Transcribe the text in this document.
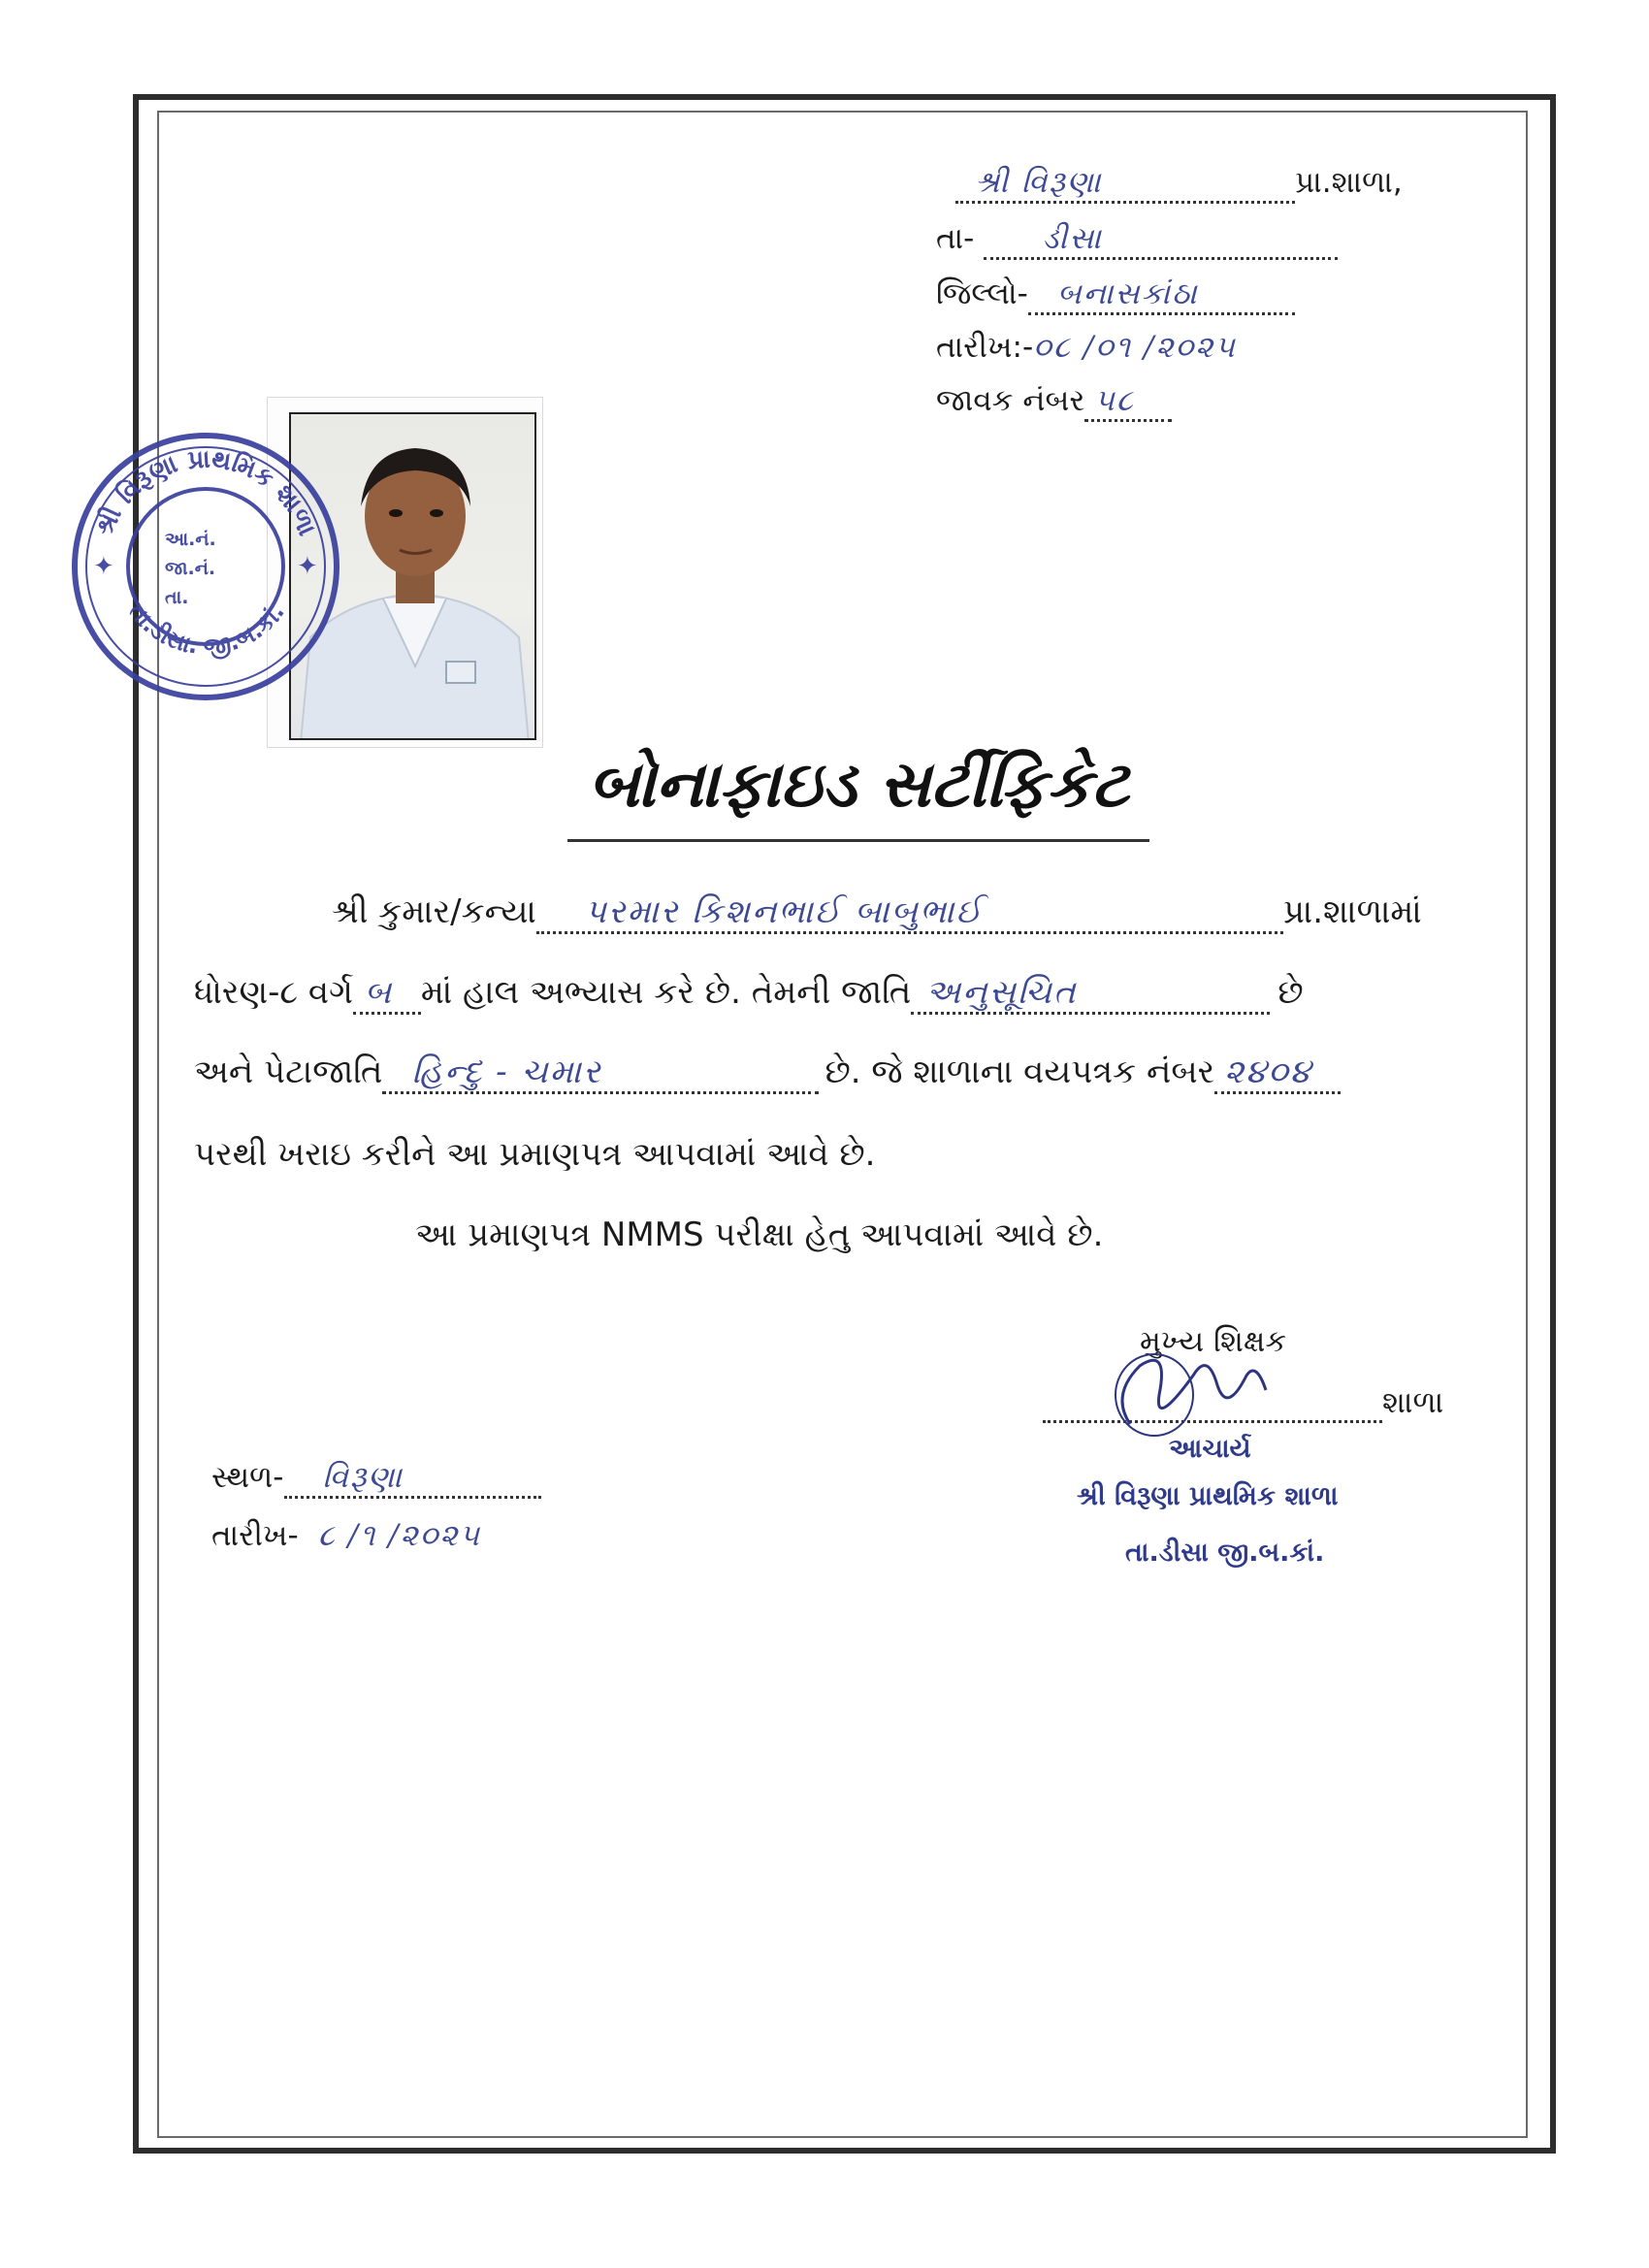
શ્રી વિરૂણા	પ્રા.શાળા,
તા- ડીસા
જિલ્લો- બનાસકાંઠા
તારીખ:-૦૮ /૦૧ /૨૦૨૫
જાવક નંબર ૫૮
શ્રી વિરૂણા પ્રાથમિક શાળા
તા.ડીસા. જી.બ.કાં.
✦	✦
આ.નં.
જા.નં.
તા.
બોનાફાઇડ સર્ટીફિકેટ
શ્રી કુમાર/કન્યા પરમાર કિશનભાઈ બાબુભાઈ	પ્રા.શાળામાં
ધોરણ-૮ વર્ગ બ માં હાલ અભ્યાસ કરે છે. તેમની જાતિ અનુસૂચિત	છે
અને પેટાજાતિ હિન્દુ - ચમાર	છે. જે શાળાના વયપત્રક નંબર ૨૪૦૪
પરથી ખરાઇ કરીને આ પ્રમાણપત્ર આપવામાં આવે છે.
આ પ્રમાણપત્ર NMMS પરીક્ષા હેતુ આપવામાં આવે છે.
મુખ્ય શિક્ષક

શાળા
આચાર્ય
શ્રી વિરૂણા પ્રાથમિક શાળા
તા.ડીસા જી.બ.કાં.
સ્થળ- વિરૂણા
તારીખ- ૮ /૧ /૨૦૨૫
